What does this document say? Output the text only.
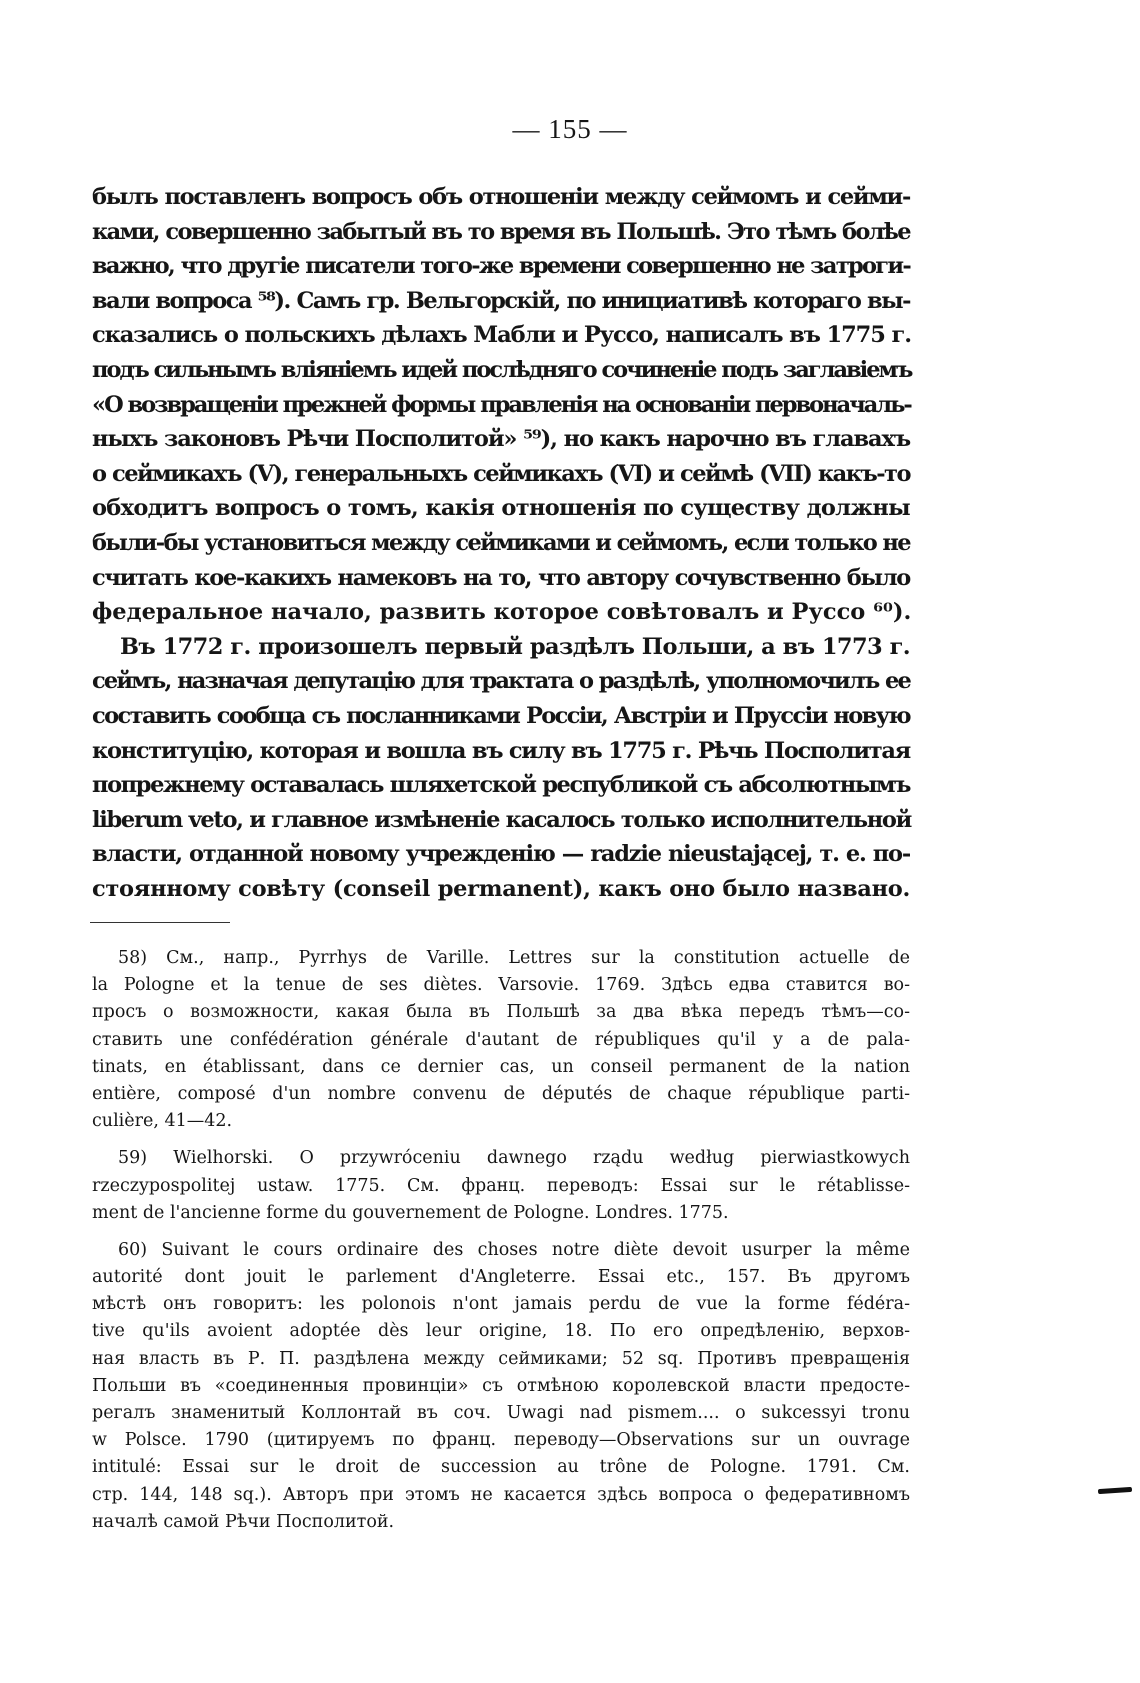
— 155 —
былъ поставленъ вопросъ объ отношеніи между сеймомъ и сейми-
ками, совершенно забытый въ то время въ Польшѣ. Это тѣмъ болѣе
важно, что другіе писатели того-же времени совершенно не затроги-
вали вопроса ⁵⁸). Самъ гр. Вельгорскій, по инициативѣ котораго вы-
сказались о польскихъ дѣлахъ Мабли и Руссо, написалъ въ 1775 г.
подъ сильнымъ вліяніемъ идей послѣдняго сочиненіе подъ заглавіемъ
«О возвращеніи прежней формы правленія на основаніи первоначаль-
ныхъ законовъ Рѣчи Посполитой» ⁵⁹), но какъ нарочно въ главахъ
о сеймикахъ (V), генеральныхъ сеймикахъ (VI) и сеймѣ (VII) какъ-то
обходитъ вопросъ о томъ, какія отношенія по существу должны
были-бы установиться между сеймиками и сеймомъ, если только не
считать кое-какихъ намековъ на то, что автору сочувственно было
федеральное начало, развить которое совѣтовалъ и Руссо ⁶⁰).
Въ 1772 г. произошелъ первый раздѣлъ Польши, а въ 1773 г.
сеймъ, назначая депутацію для трактата о раздѣлѣ, уполномочилъ ее
составить сообща съ посланниками Россіи, Австріи и Пруссіи новую
конституцію, которая и вошла въ силу въ 1775 г. Рѣчь Посполитая
попрежнему оставалась шляхетской республикой съ абсолютнымъ
liberum veto, и главное измѣненіе касалось только исполнительной
власти, отданной новому учрежденію — radzie nieustającej, т. е. по-
стоянному совѣту (conseil permanent), какъ оно было названо.
58) См., напр., Pyrrhys de Varille. Lettres sur la constitution actuelle de
la Pologne et la tenue de ses diètes. Varsovie. 1769. Здѣсь едва ставится во-
просъ о возможности, какая была въ Польшѣ за два вѣка передъ тѣмъ—со-
ставить une confédération générale d'autant de républiques qu'il y a de pala-
tinats, en établissant, dans ce dernier cas, un conseil permanent de la nation
entière, composé d'un nombre convenu de députés de chaque république parti-
culière, 41—42.
59) Wielhorski. O przywróceniu dawnego rządu według pierwiastkowych
rzeczypospolitej ustaw. 1775. См. франц. переводъ: Essai sur le rétablisse-
ment de l'ancienne forme du gouvernement de Pologne. Londres. 1775.
60) Suivant le cours ordinaire des choses notre diète devoit usurper la même
autorité dont jouit le parlement d'Angleterre. Essai etc., 157. Въ другомъ
мѣстѣ онъ говоритъ: les polonois n'ont jamais perdu de vue la forme fédéra-
tive qu'ils avoient adoptée dès leur origine, 18. По его опредѣленію, верхов-
ная власть въ Р. П. раздѣлена между сеймиками; 52 sq. Противъ превращенія
Польши въ «соединенныя провинціи» съ отмѣною королевской власти предосте-
регалъ знаменитый Коллонтай въ соч. Uwagi nad pismem.... o sukcessyi tronu
w Polsce. 1790 (цитируемъ по франц. переводу—Observations sur un ouvrage
intitulé: Essai sur le droit de succession au trône de Pologne. 1791. См.
стр. 144, 148 sq.). Авторъ при этомъ не касается здѣсь вопроса о федеративномъ
началѣ самой Рѣчи Посполитой.
